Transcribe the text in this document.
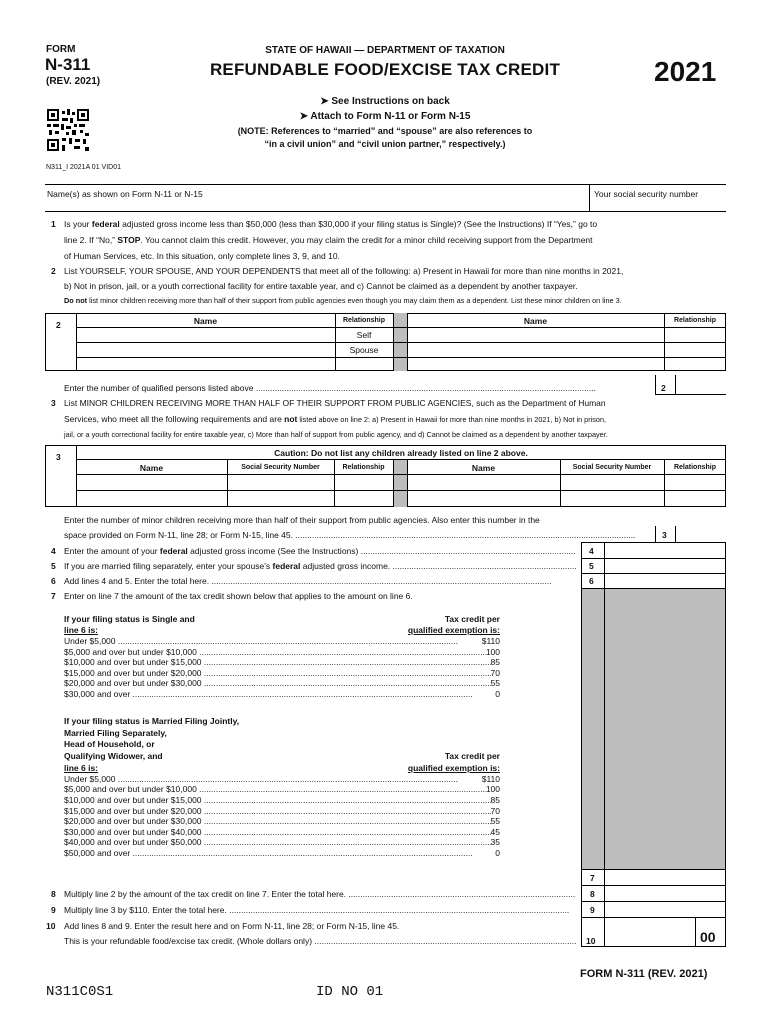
FORM
N-311
(REV. 2021)
STATE OF HAWAII — DEPARTMENT OF TAXATION
REFUNDABLE FOOD/EXCISE TAX CREDIT	2021
➤ See Instructions on back
➤ Attach to Form N-11 or Form N-15
(NOTE: References to “married” and “spouse” are also references to
“in a civil union” and “civil union partner,” respectively.)
N311_I 2021A 01 VID01
Name(s) as shown on Form N-11 or N-15	Your social security number
1 Is your federal adjusted gross income less than $50,000 (less than $30,000 if your filing status is Single)? (See the Instructions) If “Yes,” go to
line 2. If “No,” STOP. You cannot claim this credit. However, you may claim the credit for a minor child receiving support from the Department
of Human Services, etc. In this situation, only complete lines 3, 9, and 10.
2 List YOURSELF, YOUR SPOUSE, AND YOUR DEPENDENTS that meet all of the following: a) Present in Hawaii for more than nine months in 2021,
b) Not in prison, jail, or a youth correctional facility for entire taxable year, and c) Cannot be claimed as a dependent by another taxpayer.
Do not list minor children receiving more than half of their support from public agencies even though you may claim them as a dependent. List these minor children on line 3.
2	Name	Relationship	Name	Relationship
Self
Spouse
Enter the number of qualified persons listed above .....	2
3 List MINOR CHILDREN RECEIVING MORE THAN HALF OF THEIR SUPPORT FROM PUBLIC AGENCIES, such as the Department of Human
Services, who meet all the following requirements and are not listed above on line 2: a) Present in Hawaii for more than nine months in 2021, b) Not in prison,
jail, or a youth correctional facility for entire taxable year, c) More than half of support from public agency, and d) Cannot be claimed as a dependent by another taxpayer.
3	Caution: Do not list any children already listed on line 2 above.
Name	Social Security Number	Relationship	Name	Social Security Number	Relationship
Enter the number of minor children receiving more than half of their support from public agencies. Also enter this number in the
space provided on Form N-11, line 28; or Form N-15, line 45. .....	3
4 Enter the amount of your federal adjusted gross income (See the Instructions) .....	4
5 If you are married filing separately, enter your spouse’s federal adjusted gross income. .....	5
6 Add lines 4 and 5. Enter the total here. .....	6
7 Enter on line 7 the amount of the tax credit shown below that applies to the amount on line 6.
If your filing status is Single and	Tax credit per
line 6 is:	qualified exemption is:
Under $5,000 .....	$110
$5,000 and over but under $10,000 .....	100
$10,000 and over but under $15,000 .....	85
$15,000 and over but under $20,000 .....	70
$20,000 and over but under $30,000 .....	55
$30,000 and over .....	0
If your filing status is Married Filing Jointly,
Married Filing Separately,
Head of Household, or
Qualifying Widower, and	Tax credit per
line 6 is:	qualified exemption is:
Under $5,000 .....	$110
$5,000 and over but under $10,000 .....	100
$10,000 and over but under $15,000 .....	85
$15,000 and over but under $20,000 .....	70
$20,000 and over but under $30,000 .....	55
$30,000 and over but under $40,000 .....	45
$40,000 and over but under $50,000 .....	35
$50,000 and over .....	0
7
8 Multiply line 2 by the amount of the tax credit on line 7. Enter the total here. .....	8
9 Multiply line 3 by $110. Enter the total here. .....	9
10 Add lines 8 and 9. Enter the result here and on Form N-11, line 28; or Form N-15, line 45.
This is your refundable food/excise tax credit. (Whole dollars only) .....	10	00
FORM N-311 (REV. 2021)
N311C0S1	ID NO 01
